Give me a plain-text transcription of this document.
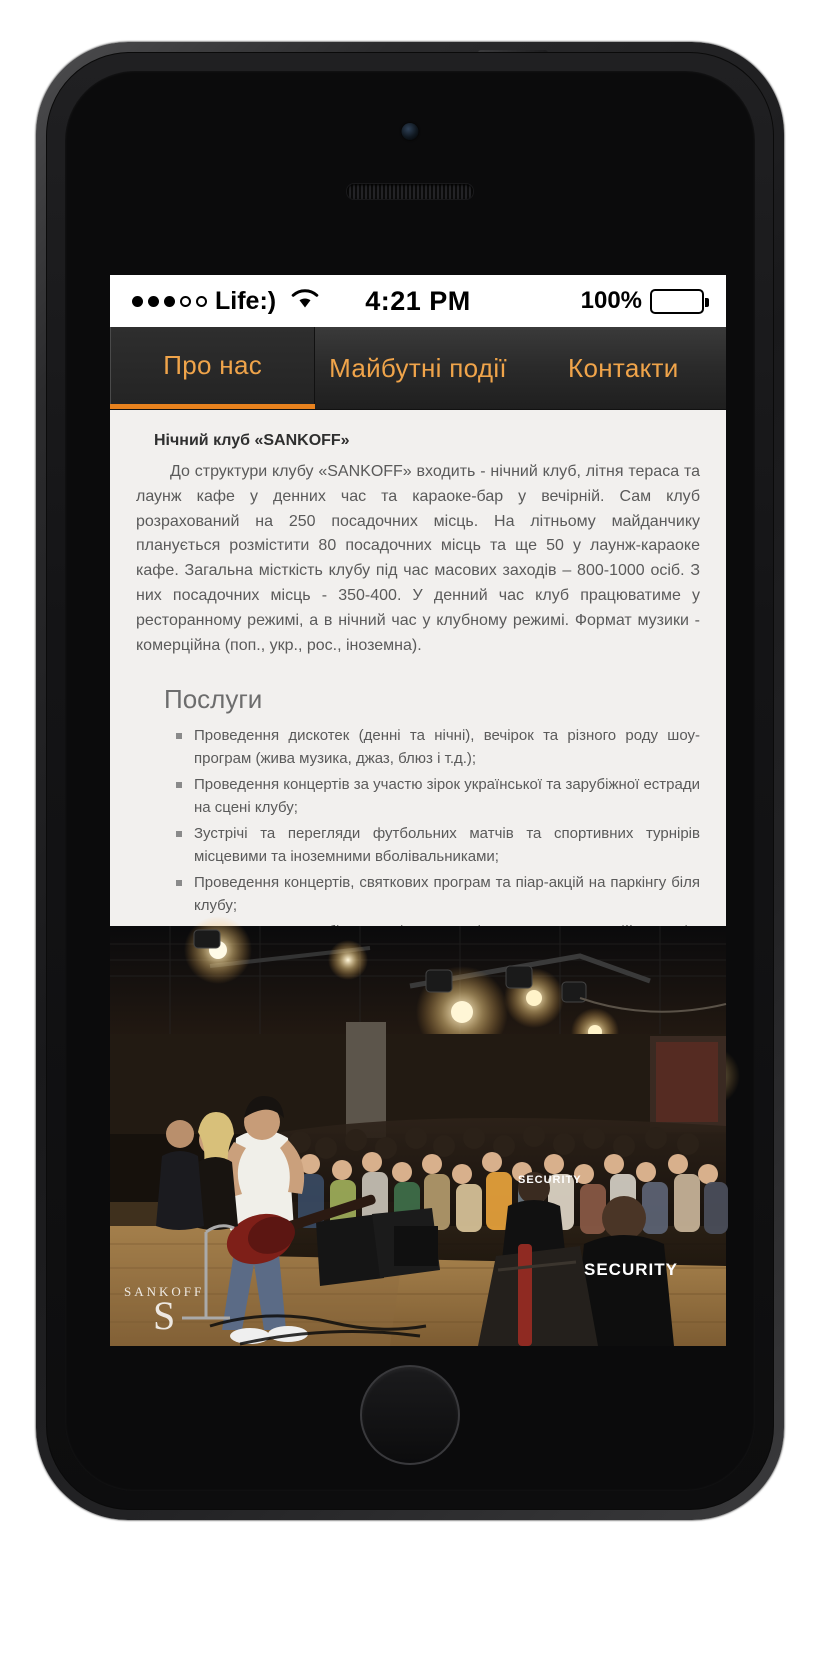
Life:)	4:21 PM	100%
Про нас	Майбутні події Контакти
Нічний клуб «SANKOFF»

До структури клубу «SANKOFF» входить - нічний клуб, літня тераса та лаунж кафе у денних час та караоке-бар у вечірній. Сам клуб розрахований на 250 посадочних місць. На літньому майданчику планується розмістити 80 посадочних місць та ще 50 у лаунж-караоке кафе. Загальна місткість клубу під час масових заходів – 800-1000 осіб. З них посадочних місць - 350-400. У денний час клуб працюватиме у ресторанному режимі, а в нічний час у клубному режимі. Формат музики - комерційна (поп., укр., рос., іноземна).

Послуги
Проведення дискотек (денні та нічні), вечірок та різного роду шоу-програм (жива музика, джаз, блюз і т.д.);
Проведення концертів за участю зірок української та зарубіжної естради на сцені клубу;
Зустрічі та перегляди футбольних матчів та спортивних турнірів місцевими та іноземними вболівальниками;
Проведення концертів, святкових програм та піар-акцій на паркінгу біля клубу;
SECURITY
SECURITY
SANKOFF
S
